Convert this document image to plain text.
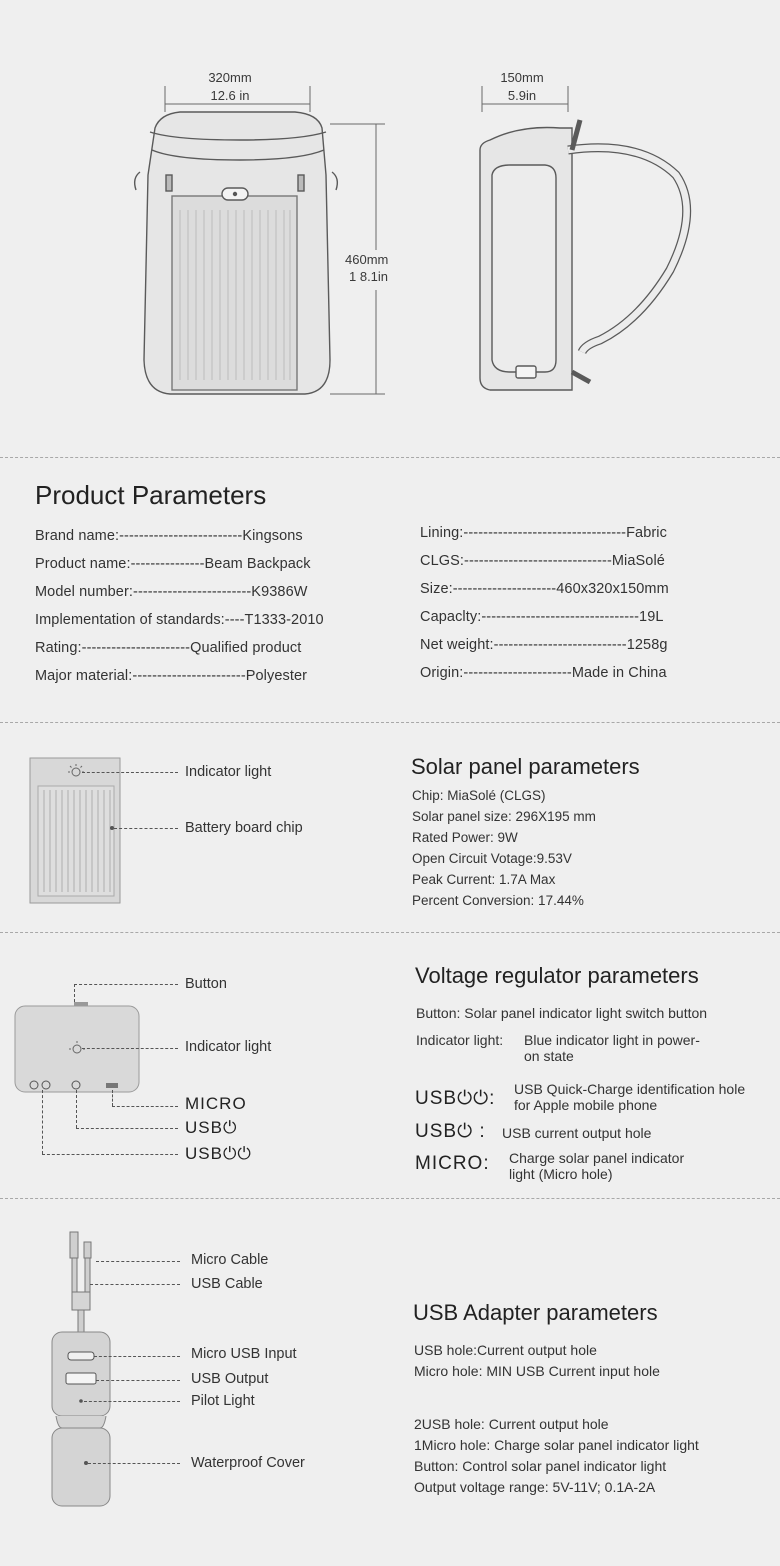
320mm
12.6 in
460mm
1 8.1in
150mm
5.9in
Product Parameters
Brand name:-------------------------Kingsons
Product name:---------------Beam Backpack
Model number:------------------------K9386W
Implementation of standards:----T1333-2010
Rating:----------------------Qualified product
Major material:-----------------------Polyester
Lining:---------------------------------Fabric
CLGS:------------------------------MiaSolé
Size:---------------------460x320x150mm
Capaclty:--------------------------------19L
Net weight:---------------------------1258g
Origin:----------------------Made in China
Indicator light
Battery board chip
Solar panel parameters
Chip: MiaSolé (CLGS)
Solar panel size: 296X195 mm
Rated Power: 9W
Open Circuit Votage:9.53V
Peak Current: 1.7A Max
Percent Conversion: 17.44%
Button
Indicator light
MICRO
USB⏻
USB⏻⏻
Voltage regulator parameters
Button: Solar panel indicator light switch button
Indicator light: Blue indicator light in power-on state
USB⏻⏻: USB Quick-Charge identification hole for Apple mobile phone
USB⏻ : USB current output hole
MICRO: Charge solar panel indicator light (Micro hole)
Micro Cable
USB Cable
Micro USB Input
USB Output
Pilot Light
Waterproof Cover
USB Adapter parameters
USB hole:Current output hole
Micro hole: MIN USB Current input hole
2USB hole: Current output hole
1Micro hole: Charge solar panel indicator light
Button: Control solar panel indicator light
Output voltage range: 5V-11V; 0.1A-2A
